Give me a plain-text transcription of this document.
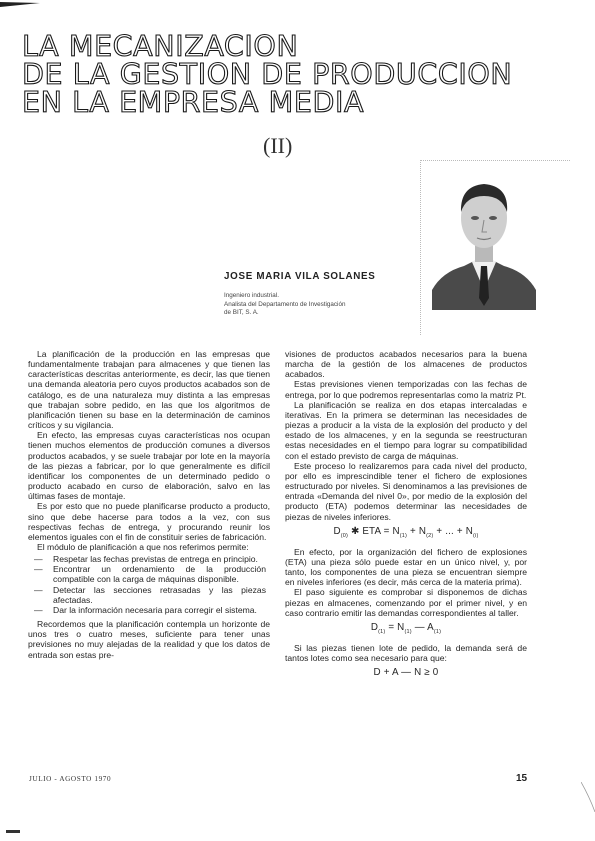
LA MECANIZACION
DE LA GESTION DE PRODUCCION
EN LA EMPRESA MEDIA
(II)
JOSE MARIA VILA SOLANES
Ingeniero industrial.
Analista del Departamento de Investigación
de BIT, S. A.

La planificación de la producción en las empresas que fundamentalmente trabajan para almacenes y que tienen las características descritas anteriormente, es decir, las que tienen una demanda aleatoria pero cuyos productos acabados son de catálogo, es de una naturaleza muy distinta a las empresas que trabajan sobre pedido, en las que los algoritmos de planificación tienen su base en la determinación de caminos críticos y su vigilancia.

En efecto, las empresas cuyas características nos ocupan tienen muchos elementos de producción comunes a diversos productos acabados, y se suele trabajar por lote en la mayoría de las piezas a fabricar, por lo que generalmente es difícil identificar los componentes de un determinado pedido o producto acabado en curso de elaboración, salvo en las últimas fases de montaje.

Es por esto que no puede planificarse producto a producto, sino que debe hacerse para todos a la vez, con sus respectivas fechas de entrega, y procurando reunir los elementos iguales con el fin de constituir series de fabricación.

El módulo de planificación a que nos referimos permite:

— Respetar las fechas previstas de entrega en principio.
— Encontrar un ordenamiento de la producción compatible con la carga de máquinas disponible.
— Detectar las secciones retrasadas y las piezas afectadas.
— Dar la información necesaria para corregir el sistema.

Recordemos que la planificación contempla un horizonte de unos tres o cuatro meses, suficiente para tener unas previsiones no muy alejadas de la realidad y que los datos de entrada son estas pre-

visiones de productos acabados necesarios para la buena marcha de la gestión de los almacenes de productos acabados.

Estas previsiones vienen temporizadas con las fechas de entrega, por lo que podremos representarlas como la matriz Pt.

La planificación se realiza en dos etapas intercaladas e iterativas. En la primera se determinan las necesidades de piezas a producir a la vista de la explosión del producto y del estado de los almacenes, y en la segunda se reestructuran estas necesidades en el tiempo para lograr su compatibilidad con el estado previsto de carga de máquinas.

Este proceso lo realizaremos para cada nivel del producto, por ello es imprescindible tener el fichero de explosiones estructurado por niveles. Si denominamos a las previsiones de entrada «Demanda del nivel 0», por medio de la explosión del producto (ETA) podemos determinar las necesidades de piezas de niveles inferiores.

$D_{(0)}$ ✱ ETA = $N_{(1)} + N_{(2)}$ + ... + $N_{(i)}$

En efecto, por la organización del fichero de explosiones (ETA) una pieza sólo puede estar en un único nivel, y, por tanto, los componentes de una pieza se encuentran siempre en niveles inferiores (es decir, más cerca de la materia prima).

El paso siguiente es comprobar si disponemos de dichas piezas en almacenes, comenzando por el primer nivel, y en caso contrario emitir las demandas correspondientes al taller.

$D_{(1)} = N_{(1)}$ — $A_{(1)}$

Si las piezas tienen lote de pedido, la demanda será de tantos lotes como sea necesario para que:

D + A — N ≥ 0
JULIO - AGOSTO 1970	15
